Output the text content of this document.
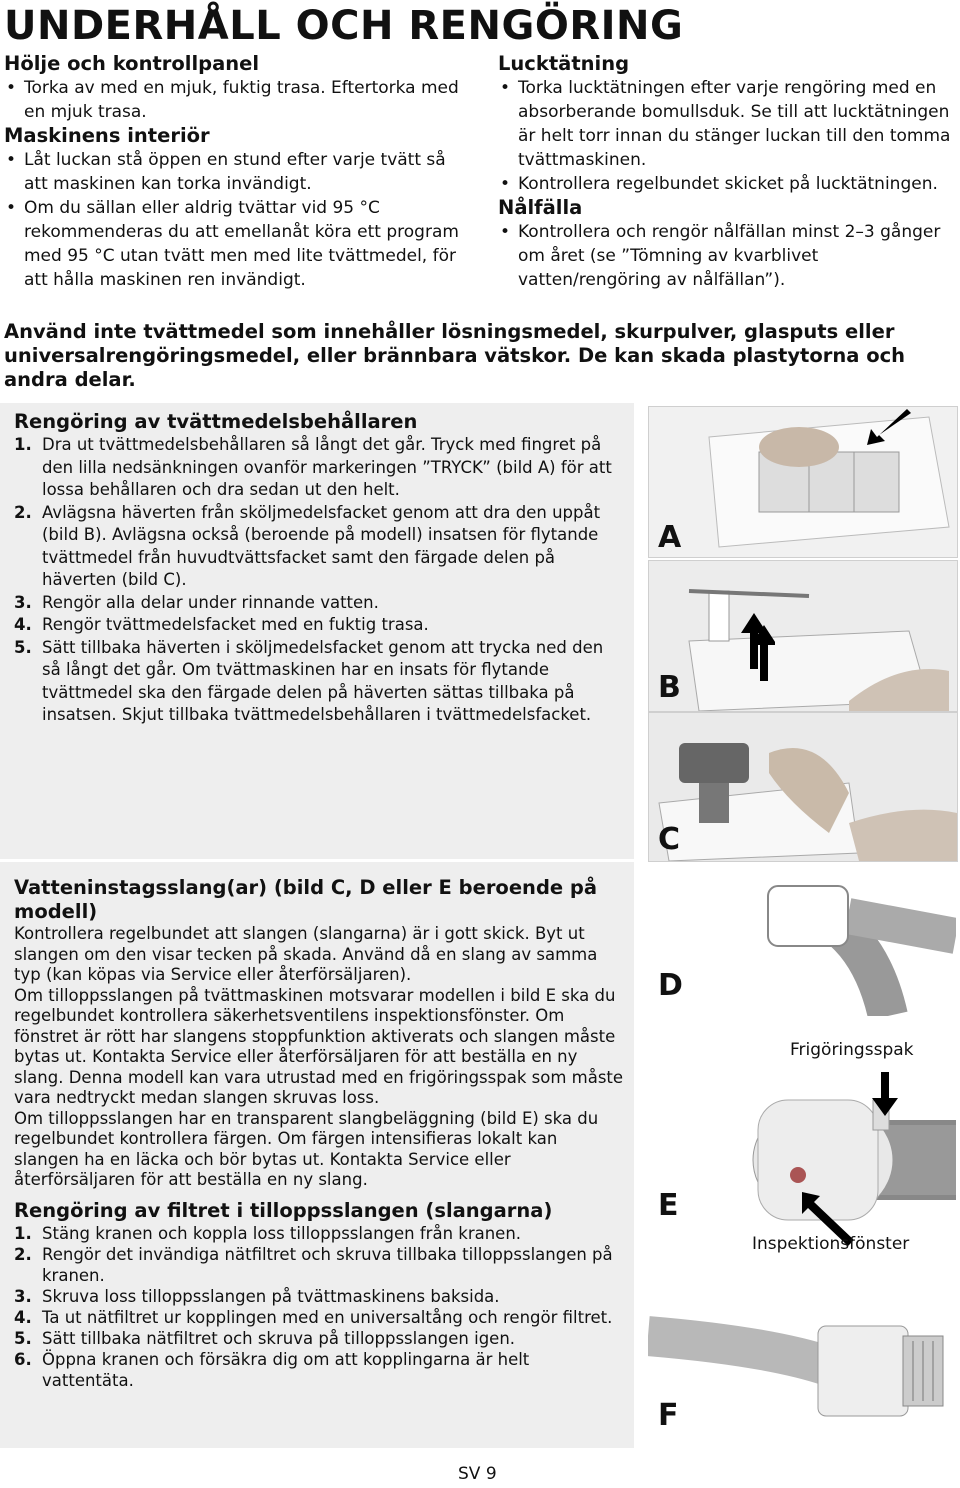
UNDERHÅLL OCH RENGÖRING
Hölje och kontrollpanel
• Torka av med en mjuk, fuktig trasa. Eftertorka med en mjuk trasa.
Maskinens interiör
• Låt luckan stå öppen en stund efter varje tvätt så att maskinen kan torka invändigt.
• Om du sällan eller aldrig tvättar vid 95 °C rekommenderas du att emellanåt köra ett program med 95 °C utan tvätt men med lite tvättmedel, för att hålla maskinen ren invändigt.
Lucktätning
• Torka lucktätningen efter varje rengöring med en absorberande bomullsduk. Se till att lucktätningen är helt torr innan du stänger luckan till den tomma tvättmaskinen.
• Kontrollera regelbundet skicket på lucktätningen.
Nålfälla
• Kontrollera och rengör nålfällan minst 2–3 gånger om året (se ”Tömning av kvarblivet vatten/rengöring av nålfällan”).
Använd inte tvättmedel som innehåller lösningsmedel, skurpulver, glasputs eller universalrengöringsmedel, eller brännbara vätskor. De kan skada plastytorna och andra delar.
Rengöring av tvättmedelsbehållaren
1. Dra ut tvättmedelsbehållaren så långt det går. Tryck med fingret på den lilla nedsänkningen ovanför markeringen ”TRYCK” (bild A) för att lossa behållaren och dra sedan ut den helt.
2. Avlägsna häverten från sköljmedelsfacket genom att dra den uppåt (bild B). Avlägsna också (beroende på modell) insatsen för flytande tvättmedel från huvudtvättsfacket samt den färgade delen på häverten (bild C).
3. Rengör alla delar under rinnande vatten.
4. Rengör tvättmedelsfacket med en fuktig trasa.
5. Sätt tillbaka häverten i sköljmedelsfacket genom att trycka ned den så långt det går. Om tvättmaskinen har en insats för flytande tvättmedel ska den färgade delen på häverten sättas tillbaka på insatsen. Skjut tillbaka tvättmedelsbehållaren i tvättmedelsfacket.
Vatteninstagsslang(ar) (bild C, D eller E beroende på modell)
Kontrollera regelbundet att slangen (slangarna) är i gott skick. Byt ut slangen om den visar tecken på skada. Använd då en slang av samma typ (kan köpas via Service eller återförsäljaren).
Om tilloppsslangen på tvättmaskinen motsvarar modellen i bild E ska du regelbundet kontrollera säkerhetsventilens inspektionsfönster. Om fönstret är rött har slangens stoppfunktion aktiverats och slangen måste bytas ut. Kontakta Service eller återförsäljaren för att beställa en ny slang. Denna modell kan vara utrustad med en frigöringsspak som måste vara nedtryckt medan slangen skruvas loss.
Om tilloppsslangen har en transparent slangbeläggning (bild E) ska du regelbundet kontrollera färgen. Om färgen intensifieras lokalt kan slangen ha en läcka och bör bytas ut. Kontakta Service eller återförsäljaren för att beställa en ny slang.
Rengöring av filtret i tilloppsslangen (slangarna)
1. Stäng kranen och koppla loss tilloppsslangen från kranen.
2. Rengör det invändiga nätfiltret och skruva tillbaka tilloppsslangen på kranen.
3. Skruva loss tilloppsslangen på tvättmaskinens baksida.
4. Ta ut nätfiltret ur kopplingen med en universaltång och rengör filtret.
5. Sätt tillbaka nätfiltret och skruva på tilloppsslangen igen.
6. Öppna kranen och försäkra dig om att kopplingarna är helt vattentäta.
A
B
C
D
Frigöringsspak
E
Inspektionsfönster
F
SV 9
